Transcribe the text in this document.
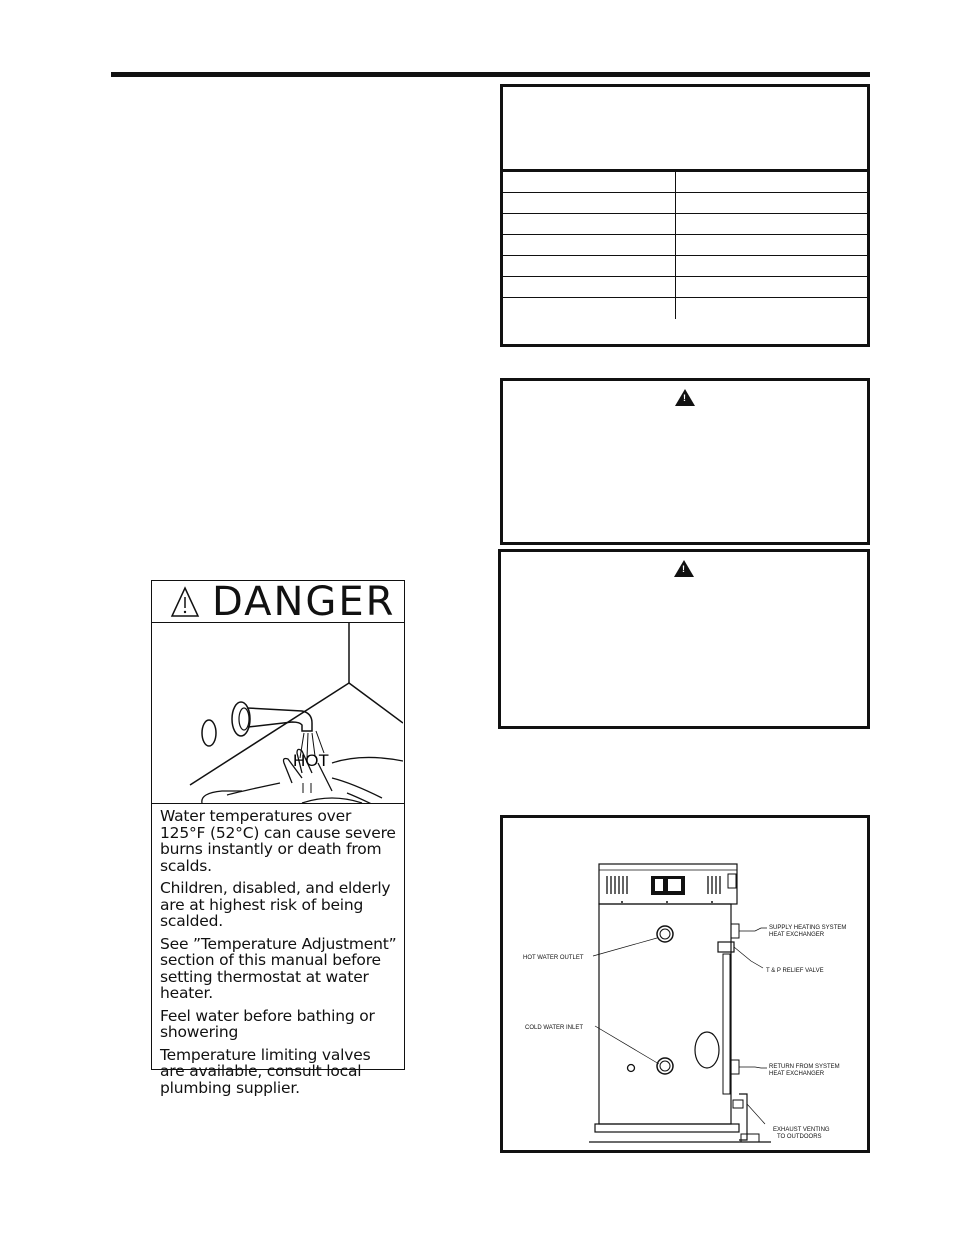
!
!
DANGER
HOT

Water temperatures over 125°F (52°C) can cause severe burns instantly or death from scalds.

Children, disabled, and elderly are at highest risk of being scalded.

See ”Temperature Adjustment” section of this manual before setting thermostat at water heater.

Feel water before bathing or showering

Temperature limiting valves are available, consult local plumbing supplier.

SUPPLY HEATING SYSTEM
HEAT EXCHANGER
T & P RELIEF VALVE
HOT WATER OUTLET
COLD WATER INLET
RETURN FROM SYSTEM
HEAT EXCHANGER
EXHAUST VENTING
TO OUTDOORS
